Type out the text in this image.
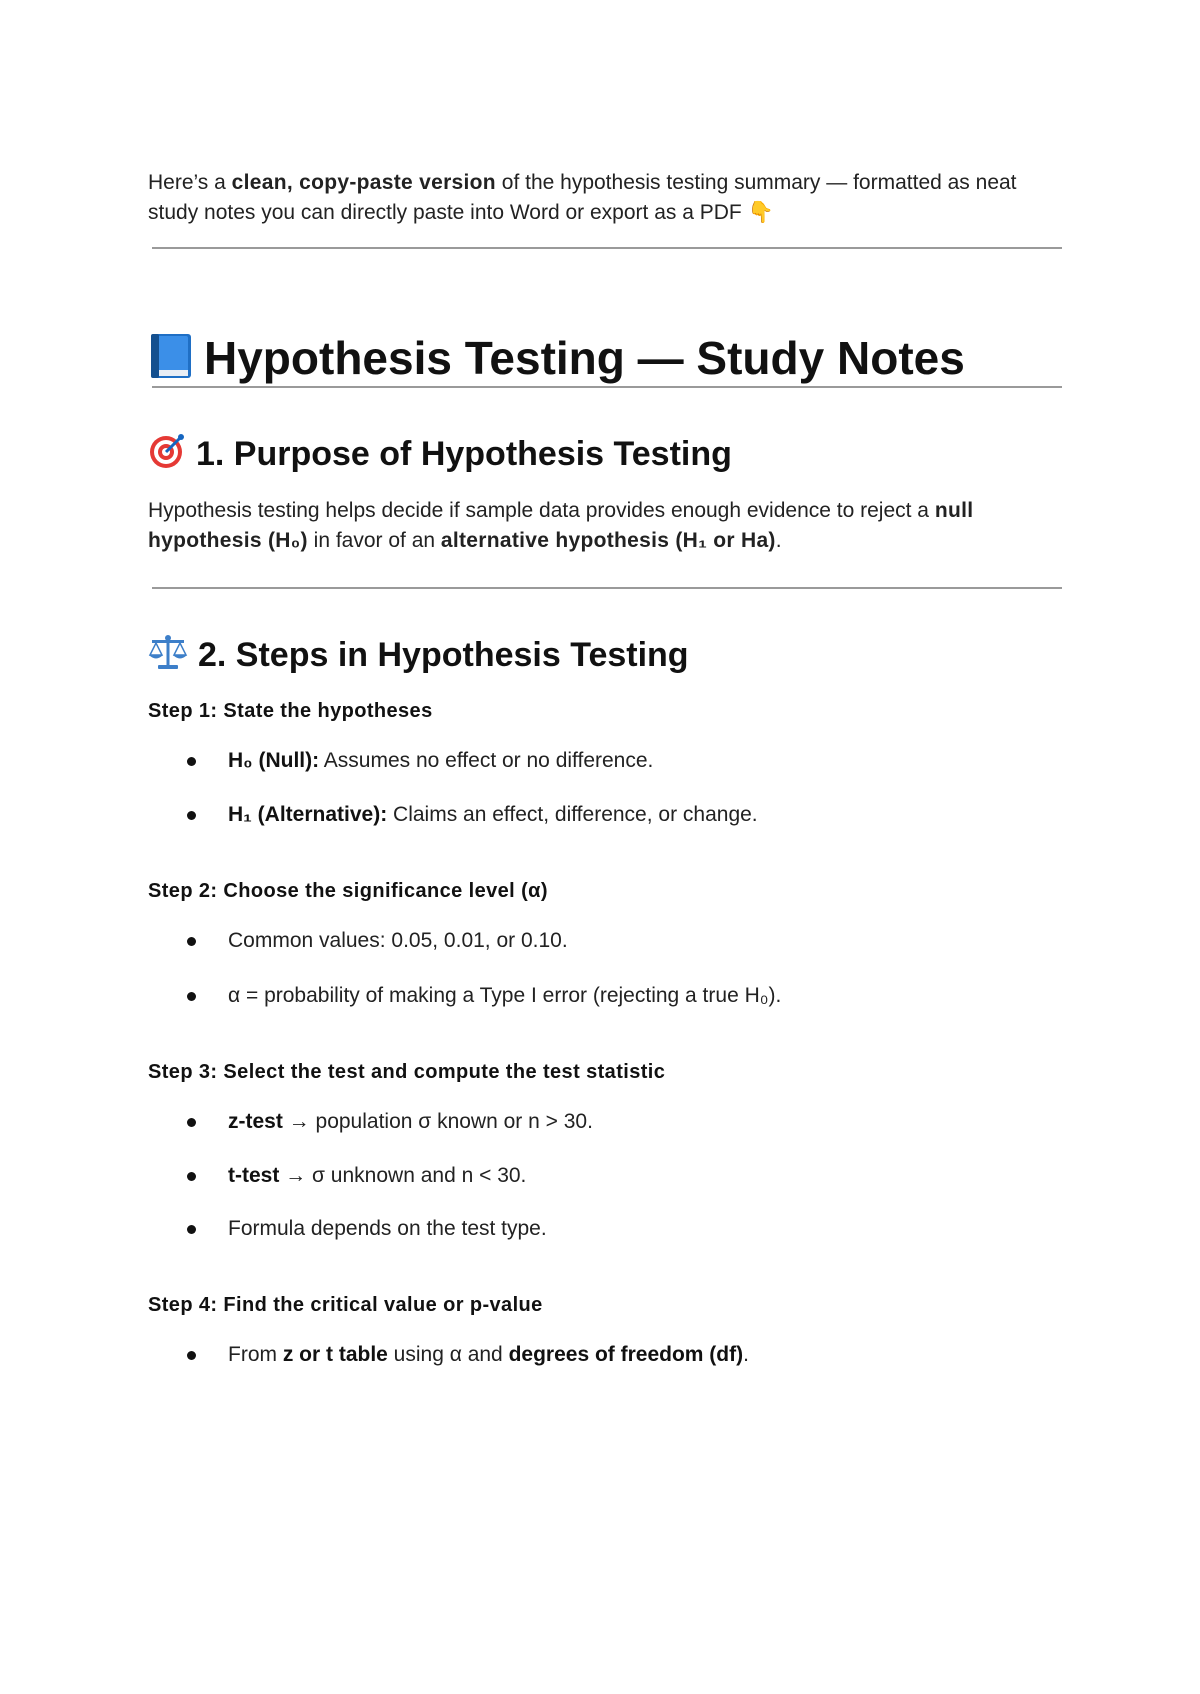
Here’s a clean, copy-paste version of the hypothesis testing summary — formatted as neat study notes you can directly paste into Word or export as a PDF 👇

Hypothesis Testing — Study Notes
1. Purpose of Hypothesis Testing

Hypothesis testing helps decide if sample data provides enough evidence to reject a null hypothesis (H₀) in favor of an alternative hypothesis (H₁ or Ha).

2. Steps in Hypothesis Testing

Step 1: State the hypotheses

H₀ (Null): Assumes no effect or no difference.
H₁ (Alternative): Claims an effect, difference, or change.

Step 2: Choose the significance level (α)

Common values: 0.05, 0.01, or 0.10.
α = probability of making a Type I error (rejecting a true H₀).

Step 3: Select the test and compute the test statistic

z-test → population σ known or n > 30.
t-test → σ unknown and n < 30.
Formula depends on the test type.

Step 4: Find the critical value or p-value

From z or t table using α and degrees of freedom (df).
